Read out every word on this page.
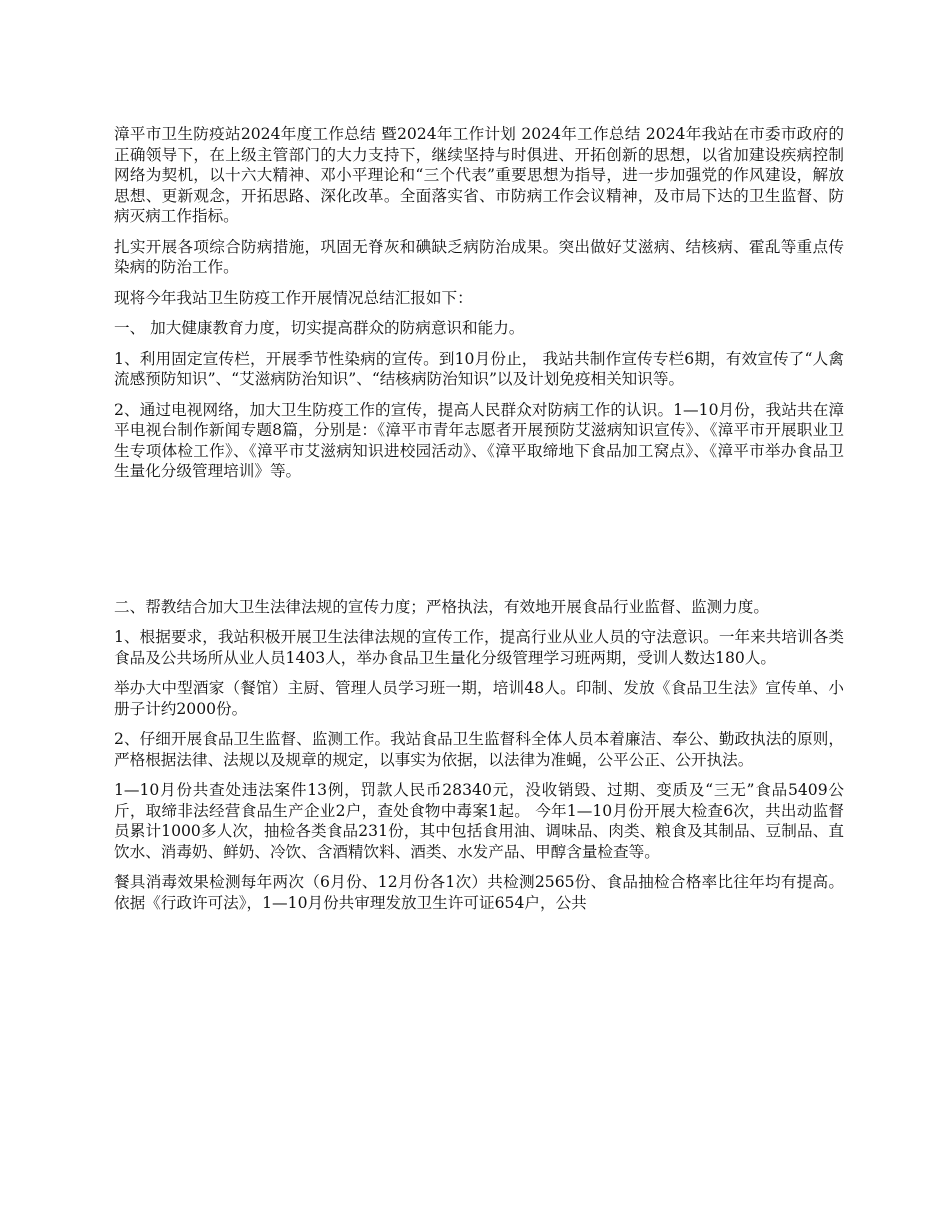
漳平市卫生防疫站2024年度工作总结 暨2024年工作计划 2024年工作总结 2024年我站在市委市政府的正确领导下，在上级主管部门的大力支持下，继续坚持与时俱进、开拓创新的思想，以省加建设疾病控制网络为契机，以十六大精神、邓小平理论和“三个代表”重要思想为指导，进一步加强党的作风建设，解放思想、更新观念，开拓思路、深化改革。全面落实省、市防病工作会议精神，及市局下达的卫生监督、防病灭病工作指标。

扎实开展各项综合防病措施，巩固无脊灰和碘缺乏病防治成果。突出做好艾滋病、结核病、霍乱等重点传染病的防治工作。

现将今年我站卫生防疫工作开展情况总结汇报如下：

一、 加大健康教育力度，切实提高群众的防病意识和能力。

1、利用固定宣传栏，开展季节性染病的宣传。到10月份止， 我站共制作宣传专栏6期，有效宣传了“人禽流感预防知识”、“艾滋病防治知识”、“结核病防治知识”以及计划免疫相关知识等。

2、通过电视网络，加大卫生防疫工作的宣传，提高人民群众对防病工作的认识。1—10月份，我站共在漳平电视台制作新闻专题8篇，分别是：《漳平市青年志愿者开展预防艾滋病知识宣传》、《漳平市开展职业卫生专项体检工作》、《漳平市艾滋病知识进校园活动》、《漳平取缔地下食品加工窝点》、《漳平市举办食品卫生量化分级管理培训》等。

二、帮教结合加大卫生法律法规的宣传力度；严格执法，有效地开展食品行业监督、监测力度。

1、根据要求，我站积极开展卫生法律法规的宣传工作，提高行业从业人员的守法意识。一年来共培训各类食品及公共场所从业人员1403人，举办食品卫生量化分级管理学习班两期，受训人数达180人。

举办大中型酒家（餐馆）主厨、管理人员学习班一期，培训48人。印制、发放《食品卫生法》宣传单、小册子计约2000份。

2、仔细开展食品卫生监督、监测工作。我站食品卫生监督科全体人员本着廉洁、奉公、勤政执法的原则，严格根据法律、法规以及规章的规定，以事实为依据，以法律为准蝇，公平公正、公开执法。

1—10月份共查处违法案件13例，罚款人民币28340元，没收销毁、过期、变质及“三无”食品5409公斤，取缔非法经营食品生产企业2户，查处食物中毒案1起。 今年1—10月份开展大检查6次，共出动监督员累计1000多人次，抽检各类食品231份，其中包括食用油、调味品、肉类、粮食及其制品、豆制品、直饮水、消毒奶、鲜奶、冷饮、含酒精饮料、酒类、水发产品、甲醇含量检查等。

餐具消毒效果检测每年两次（6月份、12月份各1次）共检测2565份、食品抽检合格率比往年均有提高。依据《行政许可法》，1—10月份共审理发放卫生许可证654户，公共
